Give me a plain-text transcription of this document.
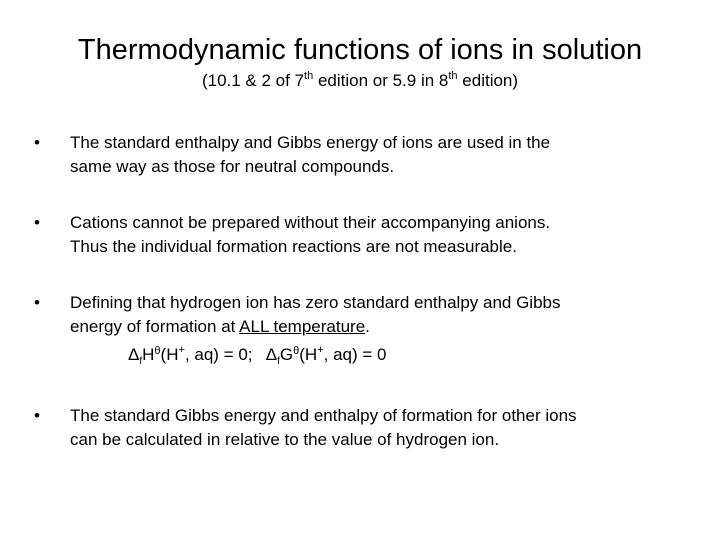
Thermodynamic functions of ions in solution
(10.1 & 2 of 7th edition or 5.9 in 8th edition)
• The standard enthalpy and Gibbs energy of ions are used in the
same way as those for neutral compounds.
• Cations cannot be prepared without their accompanying anions.
Thus the individual formation reactions are not measurable.
• Defining that hydrogen ion has zero standard enthalpy and Gibbs
energy of formation at ALL temperature.
$\Delta_fH^\theta(H^+$, aq) = 0;   $\Delta_fG^\theta(H^+$, aq) = 0
• The standard Gibbs energy and enthalpy of formation for other ions
can be calculated in relative to the value of hydrogen ion.
